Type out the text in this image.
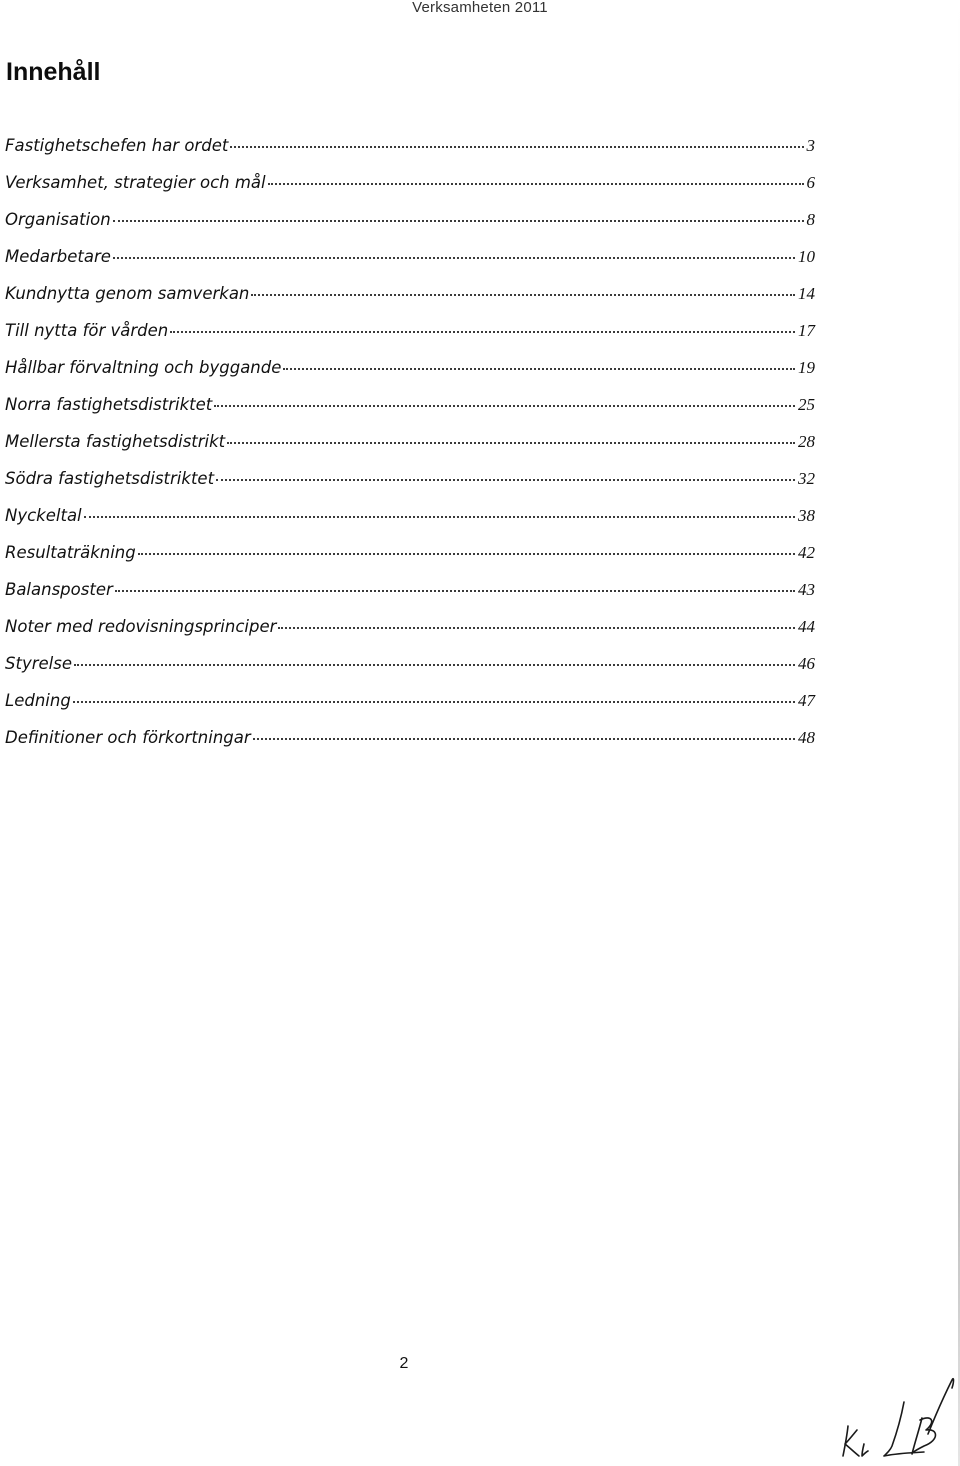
Verksamheten 2011
Innehåll
Fastighetschefen har ordet	3
Verksamhet, strategier och mål	6
Organisation	8
Medarbetare	10
Kundnytta genom samverkan	14
Till nytta för vården	17
Hållbar förvaltning och byggande	19
Norra fastighetsdistriktet	25
Mellersta fastighetsdistrikt	28
Södra fastighetsdistriktet	32
Nyckeltal	38
Resultaträkning	42
Balansposter	43
Noter med redovisningsprinciper	44
Styrelse	46
Ledning	47
Definitioner och förkortningar	48
2
